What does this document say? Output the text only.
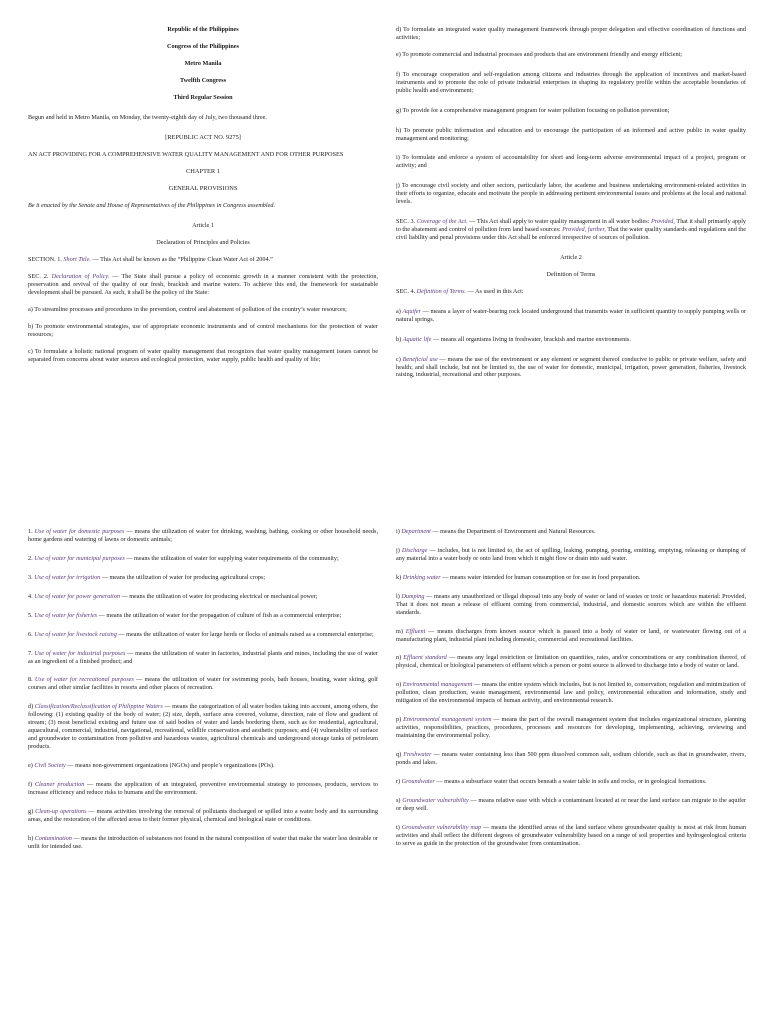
Republic of the Philippines

Congress of the Philippines

Metro Manila

Twelfth Congress

Third Regular Session

Begun and held in Metro Manila, on Monday, the twenty-eighth day of July, two thousand three.

[REPUBLIC ACT NO. 9275]

AN ACT PROVIDING FOR A COMPREHENSIVE WATER QUALITY MANAGEMENT AND FOR OTHER PURPOSES

CHAPTER 1

GENERAL PROVISIONS

Be it enacted by the Senate and House of Representatives of the Philippines in Congress assembled.

Article 1

Declaration of Principles and Policies

SECTION. 1. Short Title. — This Act shall be known as the “Philippine Clean Water Act of 2004.”

SEC. 2. Declaration of Policy. — The State shall pursue a policy of economic growth in a manner consistent with the protection, preservation and revival of the quality of our fresh, brackish and marine waters. To achieve this end, the framework for sustainable development shall be pursued. As such, it shall be the policy of the State:

a) To streamline processes and procedures in the prevention, control and abatement of pollution of the country’s water resources;

b) To promote environmental strategies, use of appropriate economic instruments and of control mechanisms for the protection of water resources;

c) To formulate a holistic national program of water quality management that recognizes that water quality management issues cannot be separated from concerns about water sources and ecological protection, water supply, public health and quality of life;

d) To formulate an integrated water quality management framework through proper delegation and effective coordination of functions and activities;

e) To promote commercial and industrial processes and products that are environment friendly and energy efficient;

f) To encourage cooperation and self-regulation among citizens and industries through the application of incentives and market-based instruments and to promote the role of private industrial enterprises in shaping its regulatory profile within the acceptable boundaries of public health and environment;

g) To provide for a comprehensive management program for water pollution focusing on pollution prevention;

h) To promote public information and education and to encourage the participation of an informed and active public in water quality management and monitoring;

i) To formulate and enforce a system of accountability for short and long-term adverse environmental impact of a project, program or activity; and

j) To encourage civil society and other sectors, particularly labor, the academe and business undertaking environment-related activities in their efforts to organize, educate and motivate the people in addressing pertinent environmental issues and problems at the local and national levels.

SEC. 3. Coverage of the Act. — This Act shall apply to water quality management in all water bodies: Provided, That it shall primarily apply to the abatement and control of pollution from land based sources: Provided, further, That the water quality standards and regulations and the civil liability and penal provisions under this Act shall be enforced irrespective of sources of pollution.

Article 2

Definition of Terms

SEC. 4. Definition of Terms. — As used in this Act:

a) Aquifer — means a layer of water-bearing rock located underground that transmits water in sufficient quantity to supply pumping wells or natural springs.

b) Aquatic life — means all organisms living in freshwater, brackish and marine environments.

c) Beneficial use — means the use of the environment or any element or segment thereof conducive to public or private welfare, safety and health; and shall include, but not be limited to, the use of water for domestic, municipal, irrigation, power generation, fisheries, livestock raising, industrial, recreational and other purposes.

1. Use of water for domestic purposes — means the utilization of water for drinking, washing, bathing, cooking or other household needs, home gardens and watering of lawns or domestic animals;

2. Use of water for municipal purposes — means the utilization of water for supplying water requirements of the community;

3. Use of water for irrigation — means the utilization of water for producing agricultural crops;

4. Use of water for power generation — means the utilization of water for producing electrical or mechanical power;

5. Use of water for fisheries — means the utilization of water for the propagation of culture of fish as a commercial enterprise;

6. Use of water for livestock raising — means the utilization of water for large herds or flocks of animals raised as a commercial enterprise;

7. Use of water for industrial purposes — means the utilization of water in factories, industrial plants and mines, including the use of water as an ingredient of a finished product; and

8. Use of water for recreational purposes — means the utilization of water for swimming pools, bath houses, boating, water skiing, golf courses and other similar facilities in resorts and other places of recreation.

d) Classification/Reclassification of Philippine Waters — means the categorization of all water bodies taking into account, among others, the following: (1) existing quality of the body of water; (2) size, depth, surface area covered, volume, direction, rate of flow and gradient of stream; (3) most beneficial existing and future use of said bodies of water and lands bordering them, such as for residential, agricultural, aquacultural, commercial, industrial, navigational, recreational, wildlife conservation and aesthetic purposes; and (4) vulnerability of surface and groundwater to contamination from pollutive and hazardous wastes, agricultural chemicals and underground storage tanks of petroleum products.

e) Civil Society — means non-government organizations (NGOs) and people’s organizations (POs).

f) Cleaner production — means the application of an integrated, preventive environmental strategy to processes, products, services to increase efficiency and reduce risks to humans and the environment.

g) Clean-up operations — means activities involving the removal of pollutants discharged or spilled into a water body and its surrounding areas, and the restoration of the affected areas to their former physical, chemical and biological state or conditions.

h) Contamination — means the introduction of substances not found in the natural composition of water that make the water less desirable or unfit for intended use.

i) Department — means the Department of Environment and Natural Resources.

j) Discharge — includes, but is not limited to, the act of spilling, leaking, pumping, pouring, emitting, emptying, releasing or dumping of any material into a water body or onto land from which it might flow or drain into said water.

k) Drinking water — means water intended for human consumption or for use in food preparation.

l) Dumping — means any unauthorized or illegal disposal into any body of water or land of wastes or toxic or hazardous material: Provided, That it does not mean a release of effluent coming from commercial, industrial, and domestic sources which are within the effluent standards.

m) Effluent — means discharges from known source which is passed into a body of water or land, or wastewater flowing out of a manufacturing plant, industrial plant including domestic, commercial and recreational facilities.

n) Effluent standard — means any legal restriction or limitation on quantities, rates, and/or concentrations or any combination thereof, of physical, chemical or biological parameters of effluent which a person or point source is allowed to discharge into a body of water or land.

o) Environmental management — means the entire system which includes, but is not limited to, conservation, regulation and minimization of pollution, clean production, waste management, environmental law and policy, environmental education and information, study and mitigation of the environmental impacts of human activity, and environmental research.

p) Environmental management system — means the part of the overall management system that includes organizational structure, planning activities, responsibilities, practices, procedures, processes and resources for developing, implementing, achieving, reviewing and maintaining the environmental policy.

q) Freshwater — means water containing less than 500 ppm dissolved common salt, sodium chloride, such as that in groundwater, rivers, ponds and lakes.

r) Groundwater — means a subsurface water that occurs beneath a water table in soils and rocks, or in geological formations.

s) Groundwater vulnerability — means relative ease with which a contaminant located at or near the land surface can migrate to the aquifer or deep well.

t) Groundwater vulnerability map — means the identified areas of the land surface where groundwater quality is most at risk from human activities and shall reflect the different degrees of groundwater vulnerability based on a range of soil properties and hydrogeological criteria to serve as guide in the protection of the groundwater from contamination.
